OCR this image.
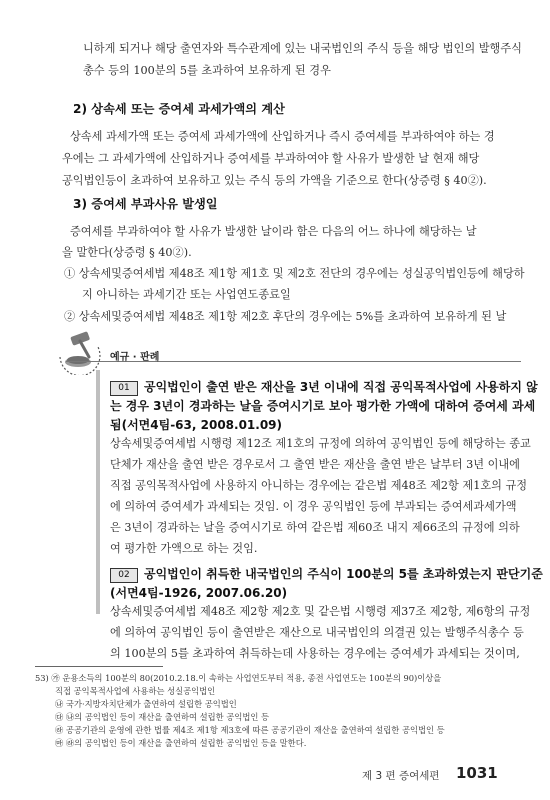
니하게 되거나 해당 출연자와 특수관계에 있는 내국법인의 주식 등을 해당 법인의 발행주식
총수 등의 100분의 5를 초과하여 보유하게 된 경우
2) 상속세 또는 증여세 과세가액의 계산
상속세 과세가액 또는 증여세 과세가액에 산입하거나 즉시 증여세를 부과하여야 하는 경
우에는 그 과세가액에 산입하거나 증여세를 부과하여야 할 사유가 발생한 날 현재 해당
공익법인등이 초과하여 보유하고 있는 주식 등의 가액을 기준으로 한다(상증령 § 40②).
3) 증여세 부과사유 발생일
증여세를 부과하여야 할 사유가 발생한 날이라 함은 다음의 어느 하나에 해당하는 날
을 말한다(상증령 § 40②).
① 상속세및증여세법 제48조 제1항 제1호 및 제2호 전단의 경우에는 성실공익법인등에 해당하
지 아니하는 과세기간 또는 사업연도종료일
② 상속세및증여세법 제48조 제1항 제2호 후단의 경우에는 5%를 초과하여 보유하게 된 날
예규 · 판례
01 공익법인이 출연 받은 재산을 3년 이내에 직접 공익목적사업에 사용하지 않
는 경우 3년이 경과하는 날을 증여시기로 보아 평가한 가액에 대하여 증여세 과세
됨(서면4팀-63, 2008.01.09)
상속세및증여세법 시행령 제12조 제1호의 규정에 의하여 공익법인 등에 해당하는 종교
단체가 재산을 출연 받은 경우로서 그 출연 받은 재산을 출연 받은 날부터 3년 이내에
직접 공익목적사업에 사용하지 아니하는 경우에는 같은법 제48조 제2항 제1호의 규정
에 의하여 증여세가 과세되는 것임. 이 경우 공익법인 등에 부과되는 증여세과세가액
은 3년이 경과하는 날을 증여시기로 하여 같은법 제60조 내지 제66조의 규정에 의하
여 평가한 가액으로 하는 것임.
02 공익법인이 취득한 내국법인의 주식이 100분의 5를 초과하였는지 판단기준
(서면4팀-1926, 2007.06.20)
상속세및증여세법 제48조 제2항 제2호 및 같은법 시행령 제37조 제2항, 제6항의 규정
에 의하여 공익법인 등이 출연받은 재산으로 내국법인의 의결권 있는 발행주식총수 등
의 100분의 5를 초과하여 취득하는데 사용하는 경우에는 증여세가 과세되는 것이며,
53) ㉮ 운용소득의 100분의 80(2010.2.18.이 속하는 사업연도부터 적용, 종전 사업연도는 100분의 90)이상을
직접 공익목적사업에 사용하는 성실공익법인
㉯ 국가·지방자치단체가 출연하여 설립한 공익법인
㉰ ㉯의 공익법인 등이 재산을 출연하여 설립한 공익법인 등
㉱ 공공기관의 운영에 관한 법률 제4조 제1항 제3호에 따른 공공기관이 재산을 출연하여 설립한 공익법인 등
㉲ ㉱의 공익법인 등이 재산을 출연하여 설립한 공익법인 등을 말한다.
제 3 편 증여세편 1031
